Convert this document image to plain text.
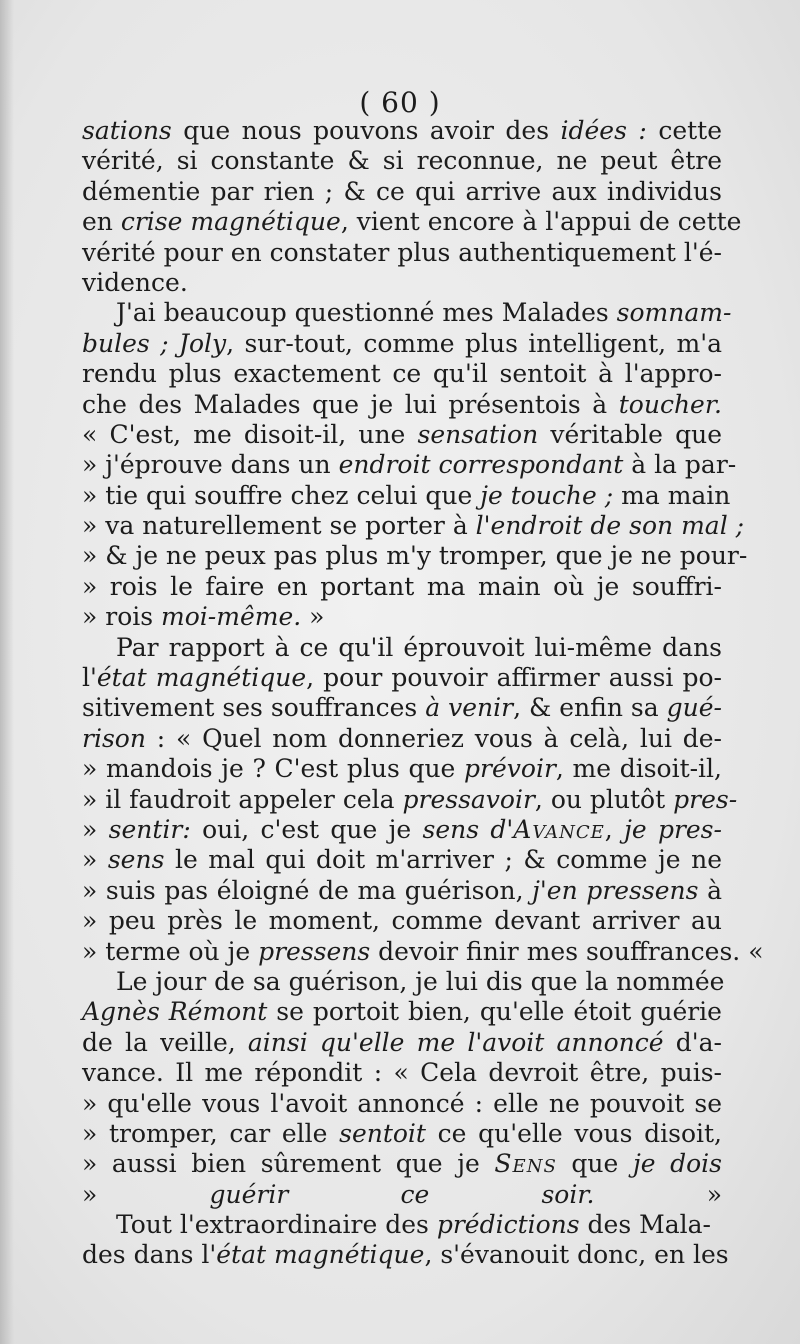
( 60 )
sations que nous pouvons avoir des idées : cette
vérité, si constante & si reconnue, ne peut être
démentie par rien ; & ce qui arrive aux individus
en crise magnétique, vient encore à l'appui de cette
vérité pour en constater plus authentiquement l'é-
vidence.
J'ai beaucoup questionné mes Malades somnam-
bules ; Joly, sur-tout, comme plus intelligent, m'a
rendu plus exactement ce qu'il sentoit à l'appro-
che des Malades que je lui présentois à toucher.
« C'est, me disoit-il, une sensation véritable que
» j'éprouve dans un endroit correspondant à la par-
» tie qui souffre chez celui que je touche ; ma main
» va naturellement se porter à l'endroit de son mal ;
» & je ne peux pas plus m'y tromper, que je ne pour-
» rois le faire en portant ma main où je souffri-
» rois moi-même. »
Par rapport à ce qu'il éprouvoit lui-même dans
l'état magnétique, pour pouvoir affirmer aussi po-
sitivement ses souffrances à venir, & enfin sa gué-
rison : « Quel nom donneriez vous à celà, lui de-
» mandois je ? C'est plus que prévoir, me disoit-il,
» il faudroit appeler cela pressavoir, ou plutôt pres-
» sentir: oui, c'est que je sens d'Avance, je pres-
» sens le mal qui doit m'arriver ; & comme je ne
» suis pas éloigné de ma guérison, j'en pressens à
» peu près le moment, comme devant arriver au
» terme où je pressens devoir finir mes souffrances. «
Le jour de sa guérison, je lui dis que la nommée
Agnès Rémont se portoit bien, qu'elle étoit guérie
de la veille, ainsi qu'elle me l'avoit annoncé d'a-
vance. Il me répondit : « Cela devroit être, puis-
» qu'elle vous l'avoit annoncé : elle ne pouvoit se
» tromper, car elle sentoit ce qu'elle vous disoit,
» aussi bien sûrement que je Sens que je dois
» guérir ce soir. »
Tout l'extraordinaire des prédictions des Mala-
des dans l'état magnétique, s'évanouit donc, en les
